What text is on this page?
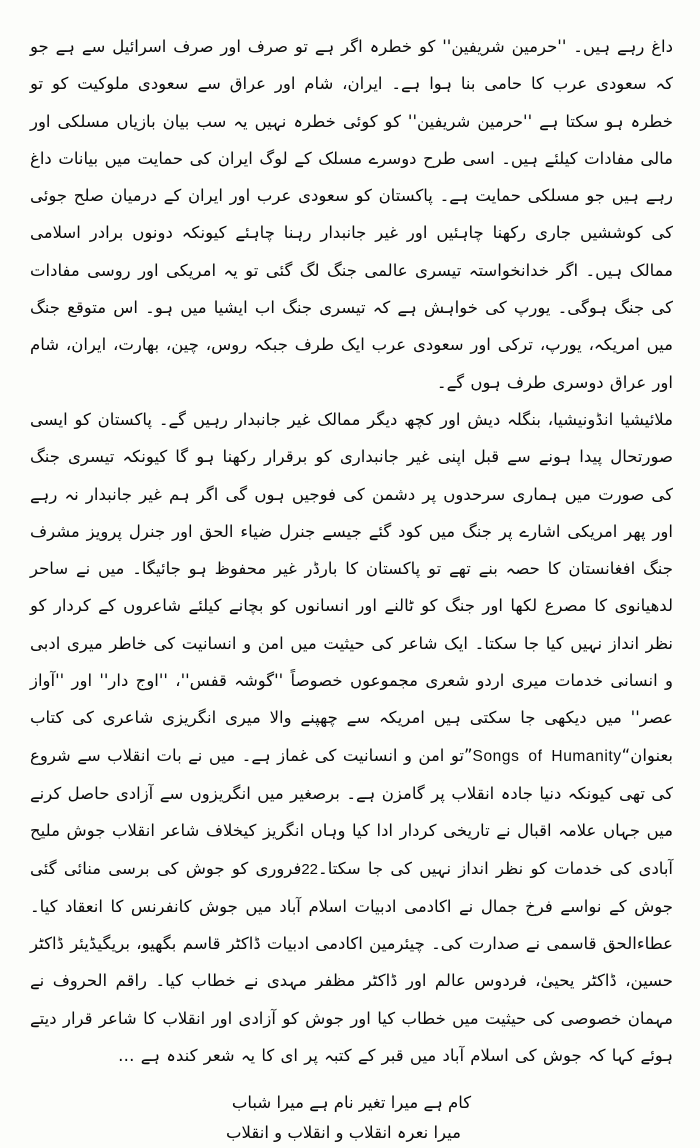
داغ رہے ہیں۔ ''حرمین شریفین'' کو خطرہ اگر ہے تو صرف اور صرف اسرائیل سے ہے جو کہ سعودی عرب کا حامی بنا ہوا ہے۔ ایران، شام اور عراق سے سعودی ملوکیت کو تو خطرہ ہو سکتا ہے ''حرمین شریفین'' کو کوئی خطرہ نہیں یہ سب بیان بازیاں مسلکی اور مالی مفادات کیلئے ہیں۔ اسی طرح دوسرے مسلک کے لوگ ایران کی حمایت میں بیانات داغ رہے ہیں جو مسلکی حمایت ہے۔ پاکستان کو سعودی عرب اور ایران کے درمیان صلح جوئی کی کوششیں جاری رکھنا چاہئیں اور غیر جانبدار رہنا چاہئے کیونکہ دونوں برادر اسلامی ممالک ہیں۔ اگر خدانخواستہ تیسری عالمی جنگ لگ گئی تو یہ امریکی اور روسی مفادات کی جنگ ہوگی۔ یورپ کی خواہش ہے کہ تیسری جنگ اب ایشیا میں ہو۔ اس متوقع جنگ میں امریکہ، یورپ، ترکی اور سعودی عرب ایک طرف جبکہ روس، چین، بھارت، ایران، شام اور عراق دوسری طرف ہوں گے۔

ملائیشیا انڈونیشیا، بنگلہ دیش اور کچھ دیگر ممالک غیر جانبدار رہیں گے۔ پاکستان کو ایسی صورتحال پیدا ہونے سے قبل اپنی غیر جانبداری کو برقرار رکھنا ہو گا کیونکہ تیسری جنگ کی صورت میں ہماری سرحدوں پر دشمن کی فوجیں ہوں گی اگر ہم غیر جانبدار نہ رہے اور پھر امریکی اشارے پر جنگ میں کود گئے جیسے جنرل ضیاء الحق اور جنرل پرویز مشرف جنگ افغانستان کا حصہ بنے تھے تو پاکستان کا بارڈر غیر محفوظ ہو جائیگا۔ میں نے ساحر لدھیانوی کا مصرع لکھا اور جنگ کو ٹالنے اور انسانوں کو بچانے کیلئے شاعروں کے کردار کو نظر انداز نہیں کیا جا سکتا۔ ایک شاعر کی حیثیت میں امن و انسانیت کی خاطر میری ادبی و انسانی خدمات میری اردو شعری مجموعوں خصوصاً ''گوشہ قفس''، ''اوج دار'' اور ''آواز عصر'' میں دیکھی جا سکتی ہیں امریکہ سے چھپنے والا میری انگریزی شاعری کی کتاب بعنوان“Songs of Humanity”تو امن و انسانیت کی غماز ہے۔ میں نے بات انقلاب سے شروع کی تھی کیونکہ دنیا جادہ انقلاب پر گامزن ہے۔ برصغیر میں انگریزوں سے آزادی حاصل کرنے میں جہاں علامہ اقبال نے تاریخی کردار ادا کیا وہاں انگریز کیخلاف شاعر انقلاب جوش ملیح آبادی کی خدمات کو نظر انداز نہیں کی جا سکتا۔22فروری کو جوش کی برسی منائی گئی جوش کے نواسے فرخ جمال نے اکادمی ادبیات اسلام آباد میں جوش کانفرنس کا انعقاد کیا۔ عطاءالحق قاسمی نے صدارت کی۔ چیئرمین اکادمی ادبیات ڈاکٹر قاسم بگھیو، بریگیڈیئر ڈاکٹر حسین، ڈاکٹر یحییٰ، فردوس عالم اور ڈاکٹر مظفر مہدی نے خطاب کیا۔ راقم الحروف نے مہمان خصوصی کی حیثیت میں خطاب کیا اور جوش کو آزادی اور انقلاب کا شاعر قرار دیتے ہوئے کہا کہ جوش کی اسلام آباد میں قبر کے کتبہ پر ای کا یہ شعر کندہ ہے …

کام ہے میرا تغیر نام ہے میرا شباب
میرا نعرہ انقلاب و انقلاب و انقلاب
